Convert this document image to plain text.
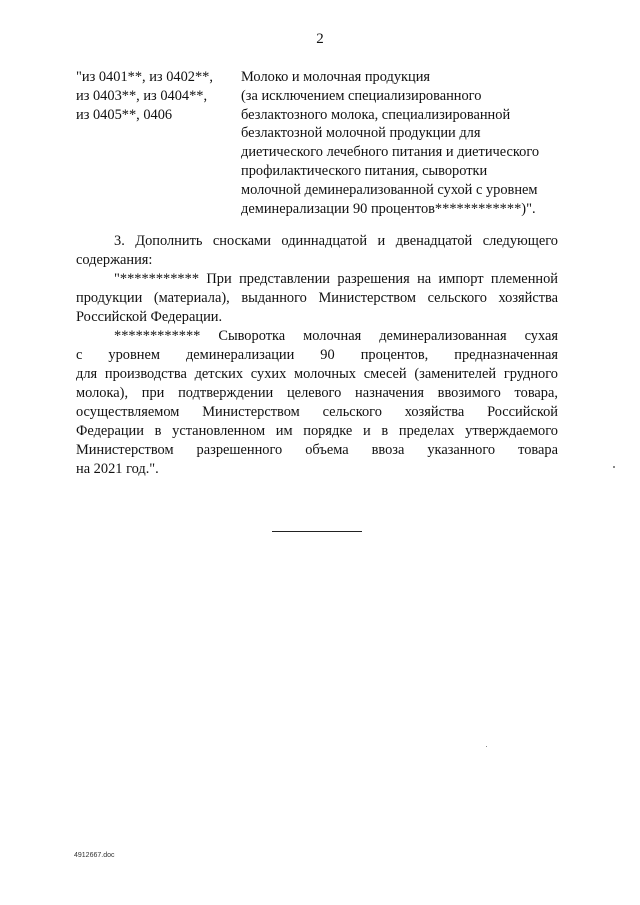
2
"из 0401**, из 0402**,
из 0403**, из 0404**,
из 0405**, 0406
Молоко и молочная продукция
(за исключением специализированного
безлактозного молока, специализированной
безлактозной молочной продукции для
диетического лечебного питания и диетического
профилактического питания, сыворотки
молочной деминерализованной сухой с уровнем
деминерализации 90 процентов************)".
3. Дополнить сносками одиннадцатой и двенадцатой следующего
содержания:
"*********** При представлении разрешения на импорт племенной
продукции (материала), выданного Министерством сельского хозяйства
Российской Федерации.
************ Сыворотка молочная деминерализованная сухая
с уровнем деминерализации 90 процентов, предназначенная
для производства детских сухих молочных смесей (заменителей грудного
молока), при подтверждении целевого назначения ввозимого товара,
осуществляемом Министерством сельского хозяйства Российской
Федерации в установленном им порядке и в пределах утверждаемого
Министерством разрешенного объема ввоза указанного товара
на 2021 год.".
4912667.doc
